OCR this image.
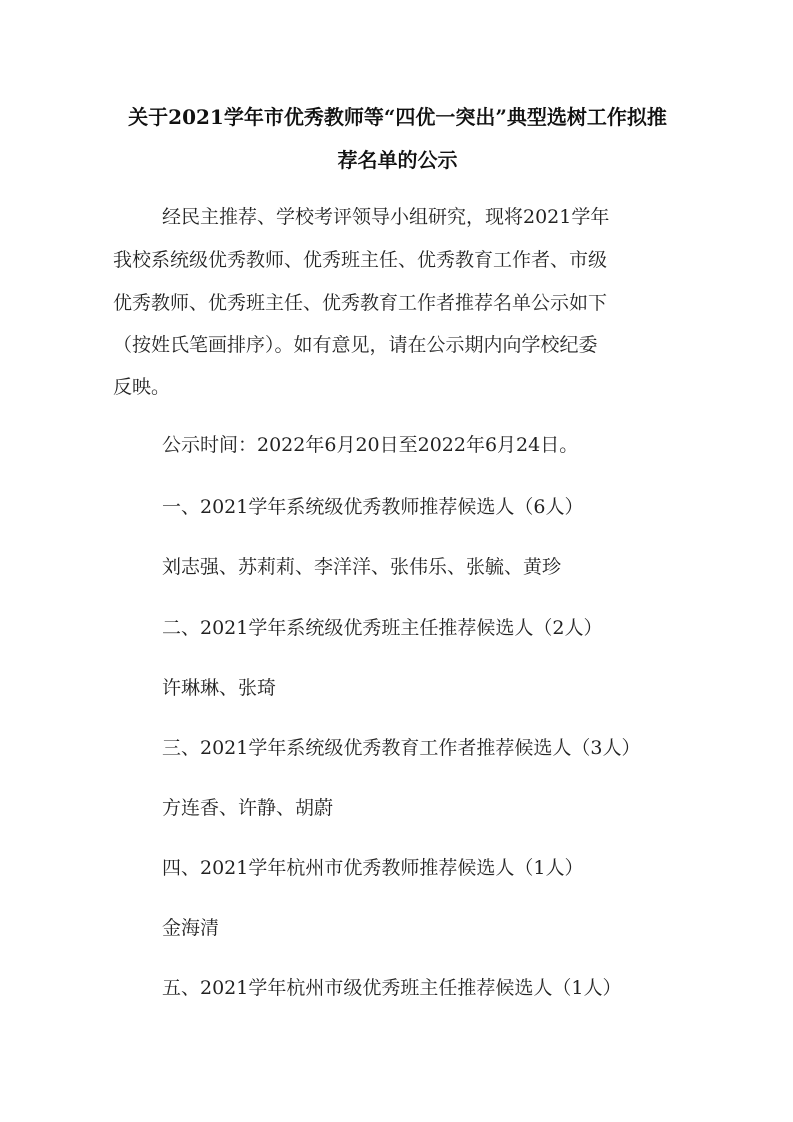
关于2021学年市优秀教师等“四优一突出”典型选树工作拟推
荐名单的公示
经民主推荐、学校考评领导小组研究，现将2021学年
我校系统级优秀教师、优秀班主任、优秀教育工作者、市级
优秀教师、优秀班主任、优秀教育工作者推荐名单公示如下
（按姓氏笔画排序）。如有意见，请在公示期内向学校纪委
反映。
公示时间：2022年6月20日至2022年6月24日。
一、2021学年系统级优秀教师推荐候选人（6人）
刘志强、苏莉莉、李洋洋、张伟乐、张毓、黄珍
二、2021学年系统级优秀班主任推荐候选人（2人）
许琳琳、张琦
三、2021学年系统级优秀教育工作者推荐候选人（3人）
方连香、许静、胡蔚
四、2021学年杭州市优秀教师推荐候选人（1人）
金海清
五、2021学年杭州市级优秀班主任推荐候选人（1人）
